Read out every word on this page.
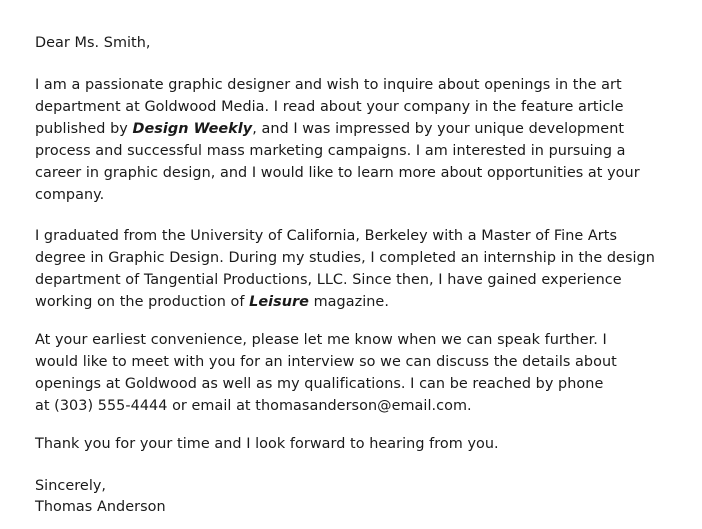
Dear Ms. Smith,
I am a passionate graphic designer and wish to inquire about openings in the art
department at Goldwood Media. I read about your company in the feature article
published by Design Weekly, and I was impressed by your unique development
process and successful mass marketing campaigns. I am interested in pursuing a
career in graphic design, and I would like to learn more about opportunities at your
company.
I graduated from the University of California, Berkeley with a Master of Fine Arts
degree in Graphic Design. During my studies, I completed an internship in the design
department of Tangential Productions, LLC. Since then, I have gained experience
working on the production of Leisure magazine.
At your earliest convenience, please let me know when we can speak further. I
would like to meet with you for an interview so we can discuss the details about
openings at Goldwood as well as my qualifications. I can be reached by phone
at (303) 555-4444 or email at thomasanderson@email.com.
Thank you for your time and I look forward to hearing from you.
Sincerely,
Thomas Anderson
